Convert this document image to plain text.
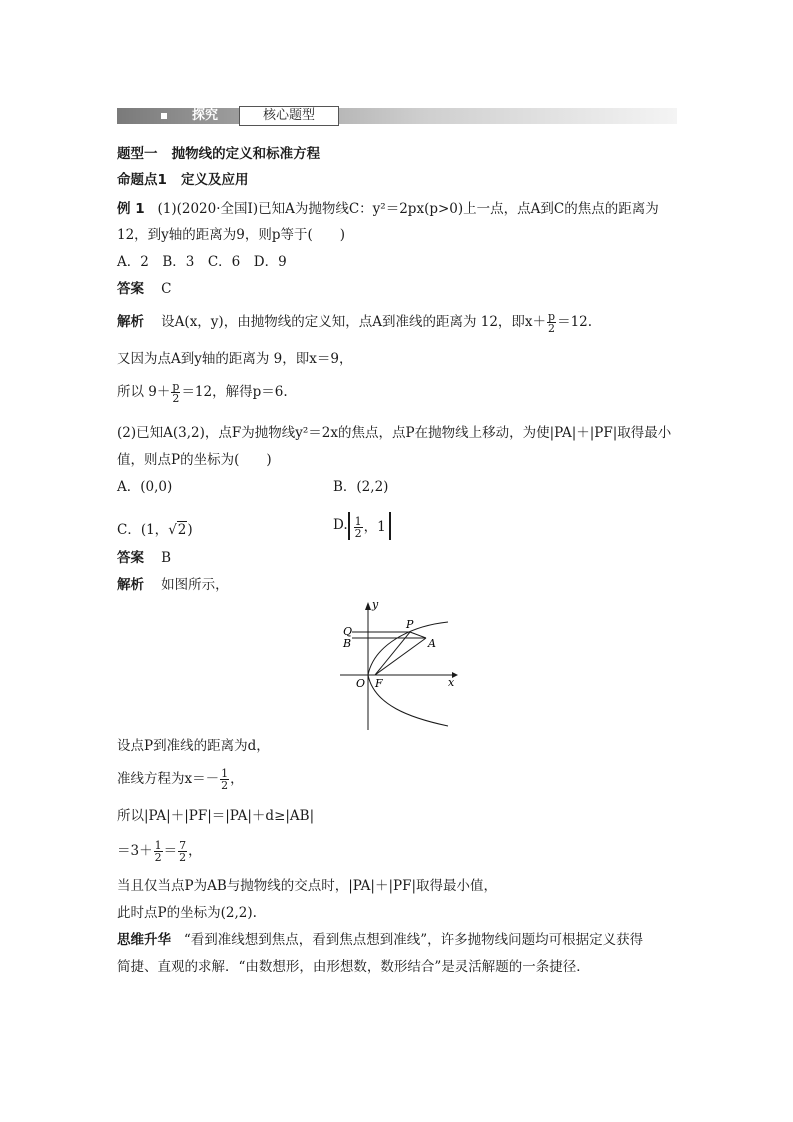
探究	核心题型
题型一 抛物线的定义和标准方程
命题点1 定义及应用
例 1 (1)(2020·全国Ⅰ)已知A为抛物线C：y²＝2px(p>0)上一点，点A到C的焦点的距离为
12，到y轴的距离为9，则p等于(　　)
A．2　B．3　C．6　D．9
答案 C
解析 设A(x，y)，由抛物线的定义知，点A到准线的距离为 12，即$x+ \frac{p}{2} =12$.
又因为点A到y轴的距离为 9，即x＝9，
所以 $9+ \frac{p}{2} =12$，解得p＝6.
(2)已知A(3,2)，点F为抛物线y²＝2x的焦点，点P在抛物线上移动，为使|PA|＋|PF|取得最小
值，则点P的坐标为(　　)
A．(0,0)	B．(2,2)
C．(1，√2)	D. $\frac{1}{2}$ ，1
答案 B
解析 如图所示，
y
x
Q
B
P
A
O F
设点P到准线的距离为d，
准线方程为$x=- \frac{1}{2}$ ，
所以|PA|＋|PF|＝|PA|＋d≥|AB|
$=3+ \frac{1}{2} = \frac{7}{2}$ ，
当且仅当点P为AB与抛物线的交点时，|PA|＋|PF|取得最小值，
此时点P的坐标为(2,2).
思维升华 “看到准线想到焦点，看到焦点想到准线”，许多抛物线问题均可根据定义获得
简捷、直观的求解．“由数想形，由形想数，数形结合”是灵活解题的一条捷径．
